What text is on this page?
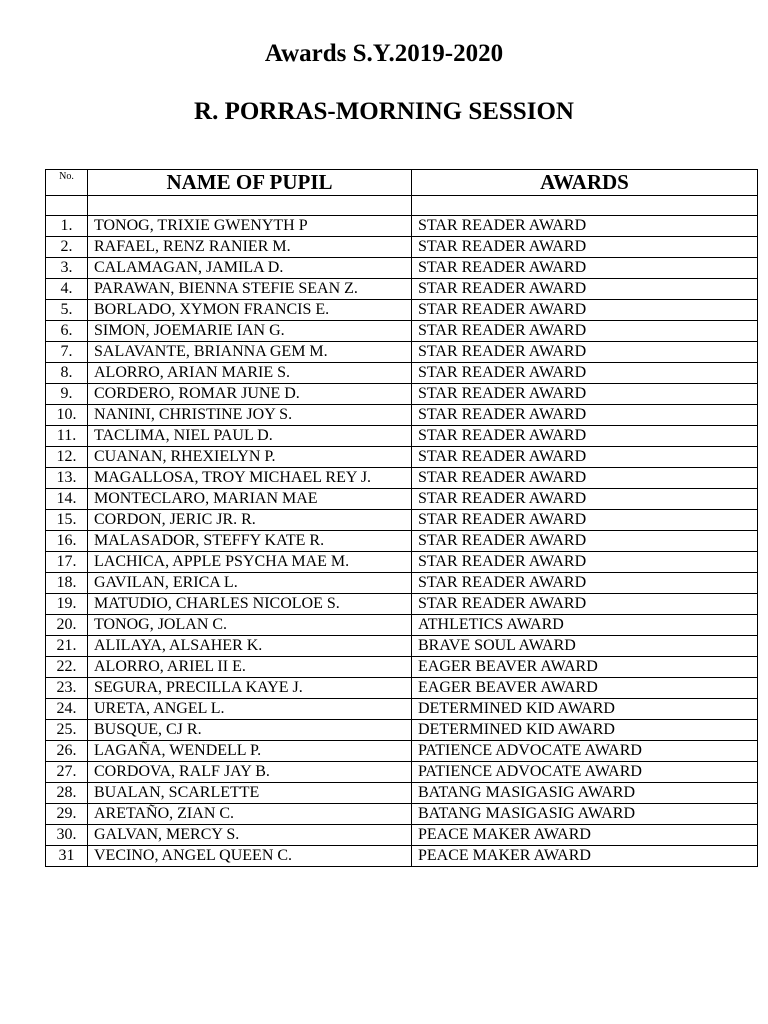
Awards S.Y.2019-2020
R. PORRAS-MORNING SESSION
No.	NAME OF PUPIL	AWARDS

1.	TONOG, TRIXIE GWENYTH P	STAR READER AWARD
2.	RAFAEL, RENZ RANIER M.	STAR READER AWARD
3.	CALAMAGAN, JAMILA D.	STAR READER AWARD
4.	PARAWAN, BIENNA STEFIE SEAN Z.	STAR READER AWARD
5.	BORLADO, XYMON FRANCIS E.	STAR READER AWARD
6.	SIMON, JOEMARIE IAN G.	STAR READER AWARD
7.	SALAVANTE, BRIANNA GEM M.	STAR READER AWARD
8.	ALORRO, ARIAN MARIE S.	STAR READER AWARD
9.	CORDERO, ROMAR JUNE D.	STAR READER AWARD
10.	NANINI, CHRISTINE JOY S.	STAR READER AWARD
11.	TACLIMA, NIEL PAUL D.	STAR READER AWARD
12.	CUANAN, RHEXIELYN P.	STAR READER AWARD
13.	MAGALLOSA, TROY MICHAEL REY J.	STAR READER AWARD
14.	MONTECLARO, MARIAN MAE	STAR READER AWARD
15.	CORDON, JERIC JR. R.	STAR READER AWARD
16.	MALASADOR, STEFFY KATE R.	STAR READER AWARD
17.	LACHICA, APPLE PSYCHA MAE M.	STAR READER AWARD
18.	GAVILAN, ERICA L.	STAR READER AWARD
19.	MATUDIO, CHARLES NICOLOE S.	STAR READER AWARD
20.	TONOG, JOLAN C.	ATHLETICS AWARD
21.	ALILAYA, ALSAHER K.	BRAVE SOUL AWARD
22.	ALORRO, ARIEL II E.	EAGER BEAVER AWARD
23.	SEGURA, PRECILLA KAYE J.	EAGER BEAVER AWARD
24.	URETA, ANGEL L.	DETERMINED KID AWARD
25.	BUSQUE, CJ R.	DETERMINED KID AWARD
26.	LAGAÑA, WENDELL P.	PATIENCE ADVOCATE AWARD
27.	CORDOVA, RALF JAY B.	PATIENCE ADVOCATE AWARD
28.	BUALAN, SCARLETTE	BATANG MASIGASIG AWARD
29.	ARETAÑO, ZIAN C.	BATANG MASIGASIG AWARD
30.	GALVAN, MERCY S.	PEACE MAKER AWARD
31	VECINO, ANGEL QUEEN C.	PEACE MAKER AWARD
